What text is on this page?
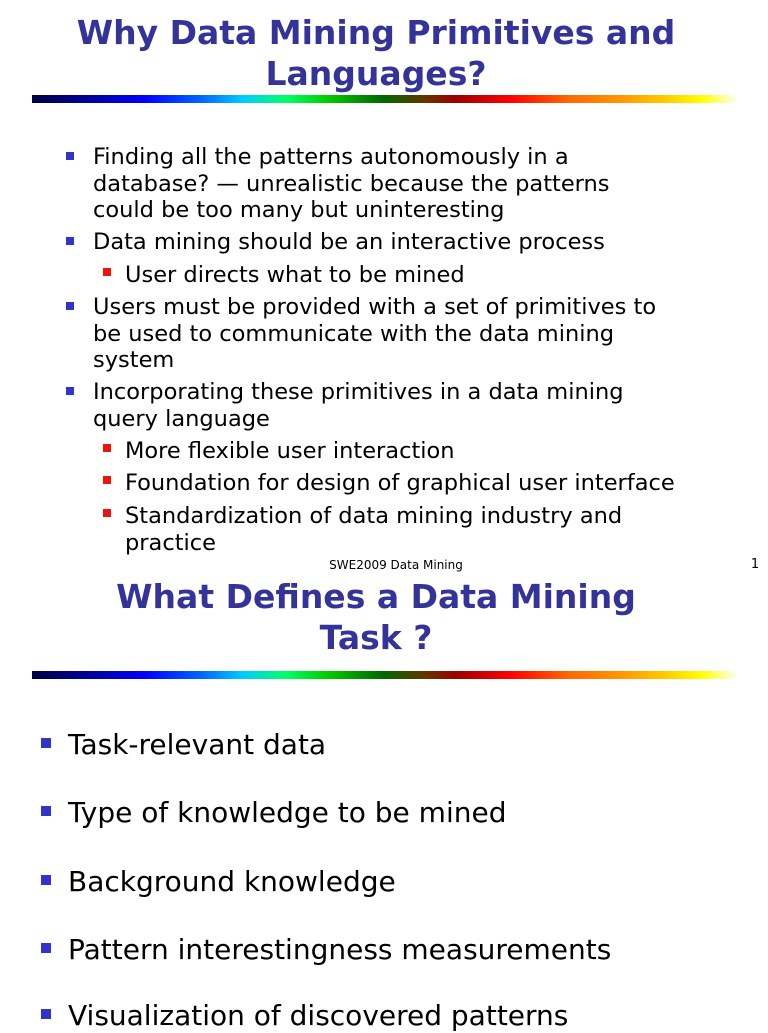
Why Data Mining Primitives and
Languages?
Finding all the patterns autonomously in a
database? — unrealistic because the patterns
could be too many but uninteresting
Data mining should be an interactive process
User directs what to be mined
Users must be provided with a set of primitives to
be used to communicate with the data mining
system
Incorporating these primitives in a data mining
query language
More flexible user interaction
Foundation for design of graphical user interface
Standardization of data mining industry and
practice
SWE2009 Data Mining	1
What Defines a Data Mining
Task ?
Task-relevant data
Type of knowledge to be mined
Background knowledge
Pattern interestingness measurements
Visualization of discovered patterns
